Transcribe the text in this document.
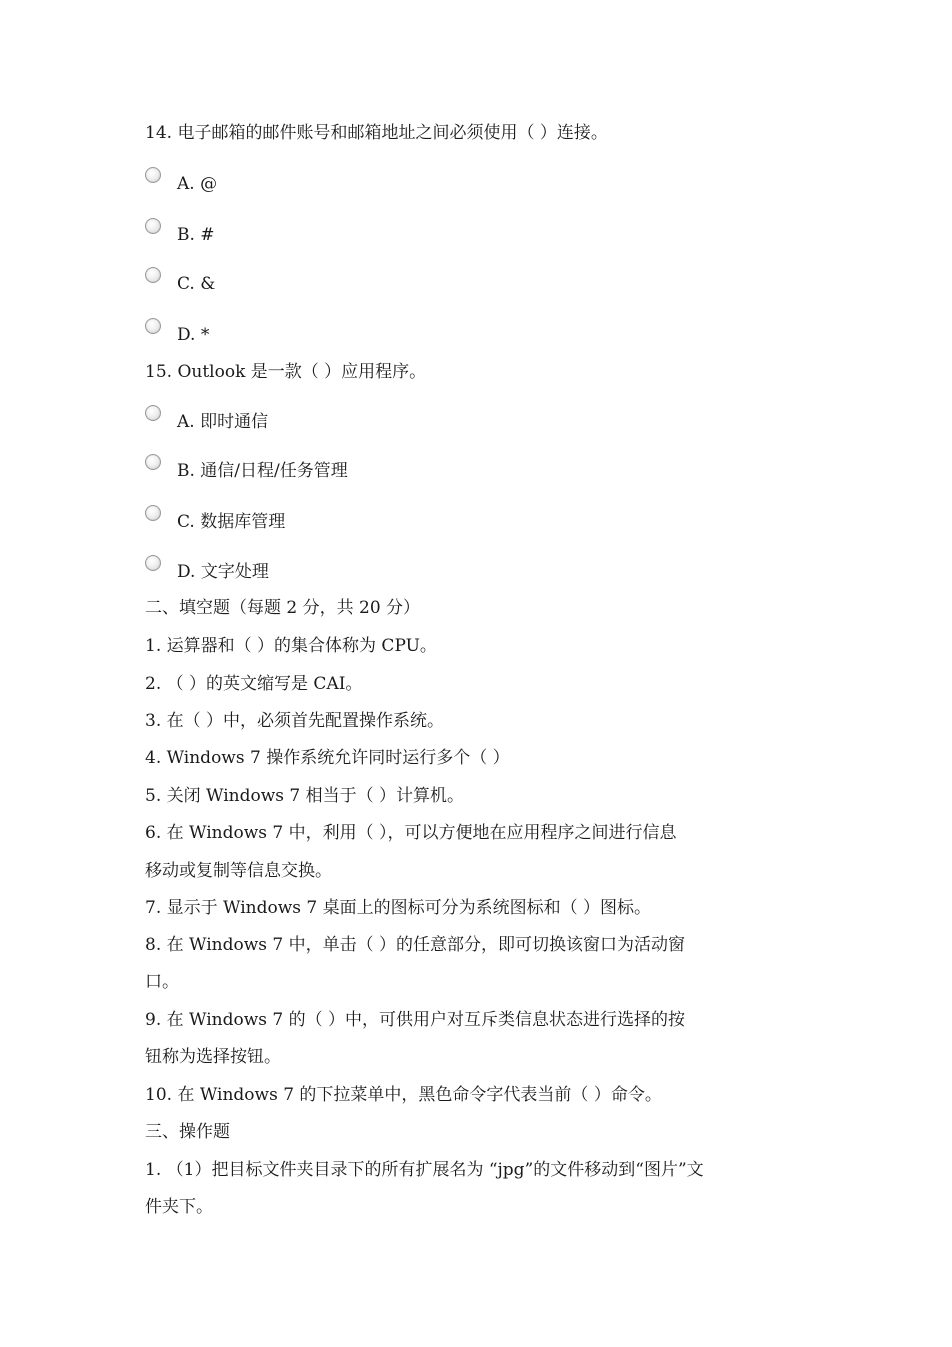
14. 电子邮箱的邮件账号和邮箱地址之间必须使用（ ）连接。
A. @
B. #
C. &
D. *
15. Outlook 是一款（ ）应用程序。
A. 即时通信
B. 通信/日程/任务管理
C. 数据库管理
D. 文字处理
二、填空题（每题 2 分，共 20 分）
1. 运算器和（ ）的集合体称为 CPU。
2. （ ）的英文缩写是 CAI。
3. 在（ ）中，必须首先配置操作系统。
4. Windows 7 操作系统允许同时运行多个（ ）
5. 关闭 Windows 7 相当于（ ）计算机。
6. 在 Windows 7 中，利用（ ），可以方便地在应用程序之间进行信息
移动或复制等信息交换。
7. 显示于 Windows 7 桌面上的图标可分为系统图标和（ ）图标。
8. 在 Windows 7 中，单击（ ）的任意部分，即可切换该窗口为活动窗
口。
9. 在 Windows 7 的（ ）中，可供用户对互斥类信息状态进行选择的按
钮称为选择按钮。
10. 在 Windows 7 的下拉菜单中，黑色命令字代表当前（ ）命令。
三、操作题
1. （1）把目标文件夹目录下的所有扩展名为 “jpg”的文件移动到“图片”文
件夹下。
